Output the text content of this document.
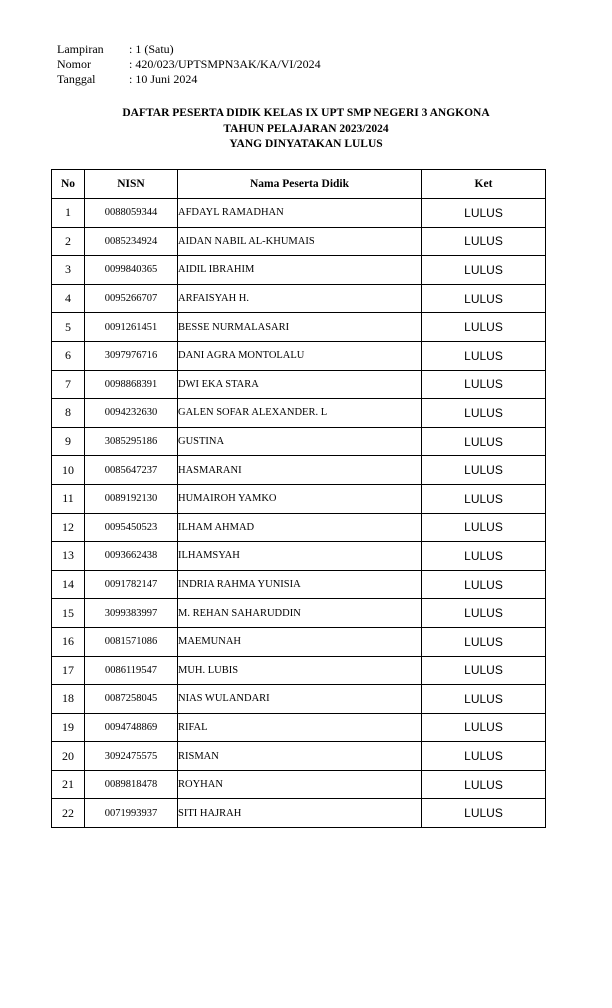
Lampiran	: 1 (Satu)
Nomor	: 420/023/UPTSMPN3AK/KA/VI/2024
Tanggal	: 10 Juni 2024
DAFTAR PESERTA DIDIK KELAS IX UPT SMP NEGERI 3 ANGKONA
TAHUN PELAJARAN 2023/2024
YANG DINYATAKAN LULUS
No	NISN	Nama Peserta Didik	Ket
1	0088059344	AFDAYL RAMADHAN	LULUS
2	0085234924	AIDAN NABIL AL-KHUMAIS	LULUS
3	0099840365	AIDIL IBRAHIM	LULUS
4	0095266707	ARFAISYAH H.	LULUS
5	0091261451	BESSE NURMALASARI	LULUS
6	3097976716	DANI AGRA MONTOLALU	LULUS
7	0098868391	DWI EKA STARA	LULUS
8	0094232630	GALEN SOFAR ALEXANDER. L	LULUS
9	3085295186	GUSTINA	LULUS
10	0085647237	HASMARANI	LULUS
11	0089192130	HUMAIROH YAMKO	LULUS
12	0095450523	ILHAM AHMAD	LULUS
13	0093662438	ILHAMSYAH	LULUS
14	0091782147	INDRIA RAHMA YUNISIA	LULUS
15	3099383997	M. REHAN SAHARUDDIN	LULUS
16	0081571086	MAEMUNAH	LULUS
17	0086119547	MUH. LUBIS	LULUS
18	0087258045	NIAS WULANDARI	LULUS
19	0094748869	RIFAL	LULUS
20	3092475575	RISMAN	LULUS
21	0089818478	ROYHAN	LULUS
22	0071993937	SITI HAJRAH	LULUS
